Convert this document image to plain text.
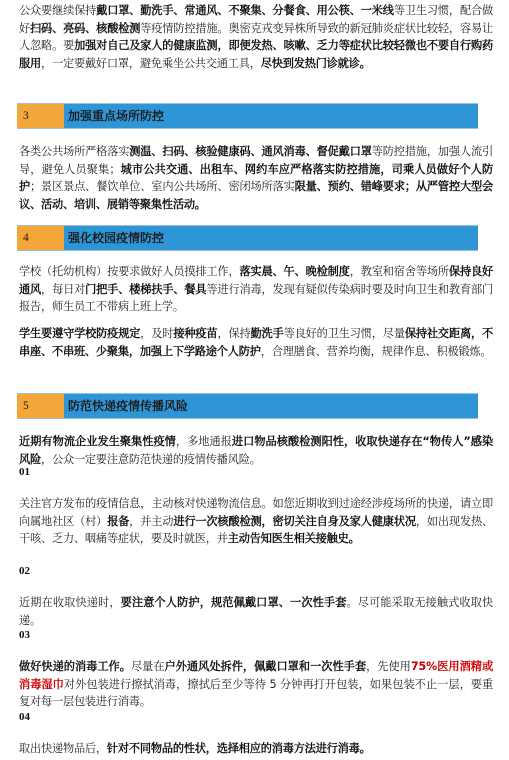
公众要继续保持戴口罩、勤洗手、常通风、不聚集、分餐食、用公筷、一米线等卫生习惯，配合做好扫码、亮码、核酸检测等疫情防控措施。奥密克戎变异株所导致的新冠肺炎症状比较轻，容易让人忽略。要加强对自己及家人的健康监测，即便发热、咳嗽、乏力等症状比较轻微也不要自行购药服用，一定要戴好口罩，避免乘坐公共交通工具，尽快到发热门诊就诊。

3	加强重点场所防控

各类公共场所严格落实测温、扫码、核验健康码、通风消毒、督促戴口罩等防控措施，加强人流引导，避免人员聚集；城市公共交通、出租车、网约车应严格落实防控措施，司乘人员做好个人防护；景区景点、餐饮单位、室内公共场所、密闭场所落实限量、预约、错峰要求；从严管控大型会议、活动、培训、展销等聚集性活动。

4	强化校园疫情防控

学校（托幼机构）按要求做好人员摸排工作，落实晨、午、晚检制度，教室和宿舍等场所保持良好通风，每日对门把手、楼梯扶手、餐具等进行消毒，发现有疑似传染病时要及时向卫生和教育部门报告，师生员工不带病上班上学。

学生要遵守学校防疫规定，及时接种疫苗，保持勤洗手等良好的卫生习惯，尽量保持社交距离，不串座、不串班、少聚集，加强上下学路途个人防护，合理膳食、营养均衡，规律作息、积极锻炼。

5	防范快递疫情传播风险

近期有物流企业发生聚集性疫情，多地通报进口物品核酸检测阳性，收取快递存在“物传人”感染风险，公众一定要注意防范快递的疫情传播风险。

01

关注官方发布的疫情信息，主动核对快递物流信息。如您近期收到过途经涉疫场所的快递，请立即向属地社区（村）报备，并主动进行一次核酸检测，密切关注自身及家人健康状况，如出现发热、干咳、乏力、咽痛等症状，要及时就医，并主动告知医生相关接触史。

02

近期在收取快递时，要注意个人防护，规范佩戴口罩、一次性手套。尽可能采取无接触式收取快递。

03

做好快递的消毒工作。尽量在户外通风处拆件，佩戴口罩和一次性手套，先使用75%医用酒精或消毒湿巾对外包装进行擦拭消毒，擦拭后至少等待 5 分钟再打开包装，如果包装不止一层，要重复对每一层包装进行消毒。

04

取出快递物品后，针对不同物品的性状，选择相应的消毒方法进行消毒。
